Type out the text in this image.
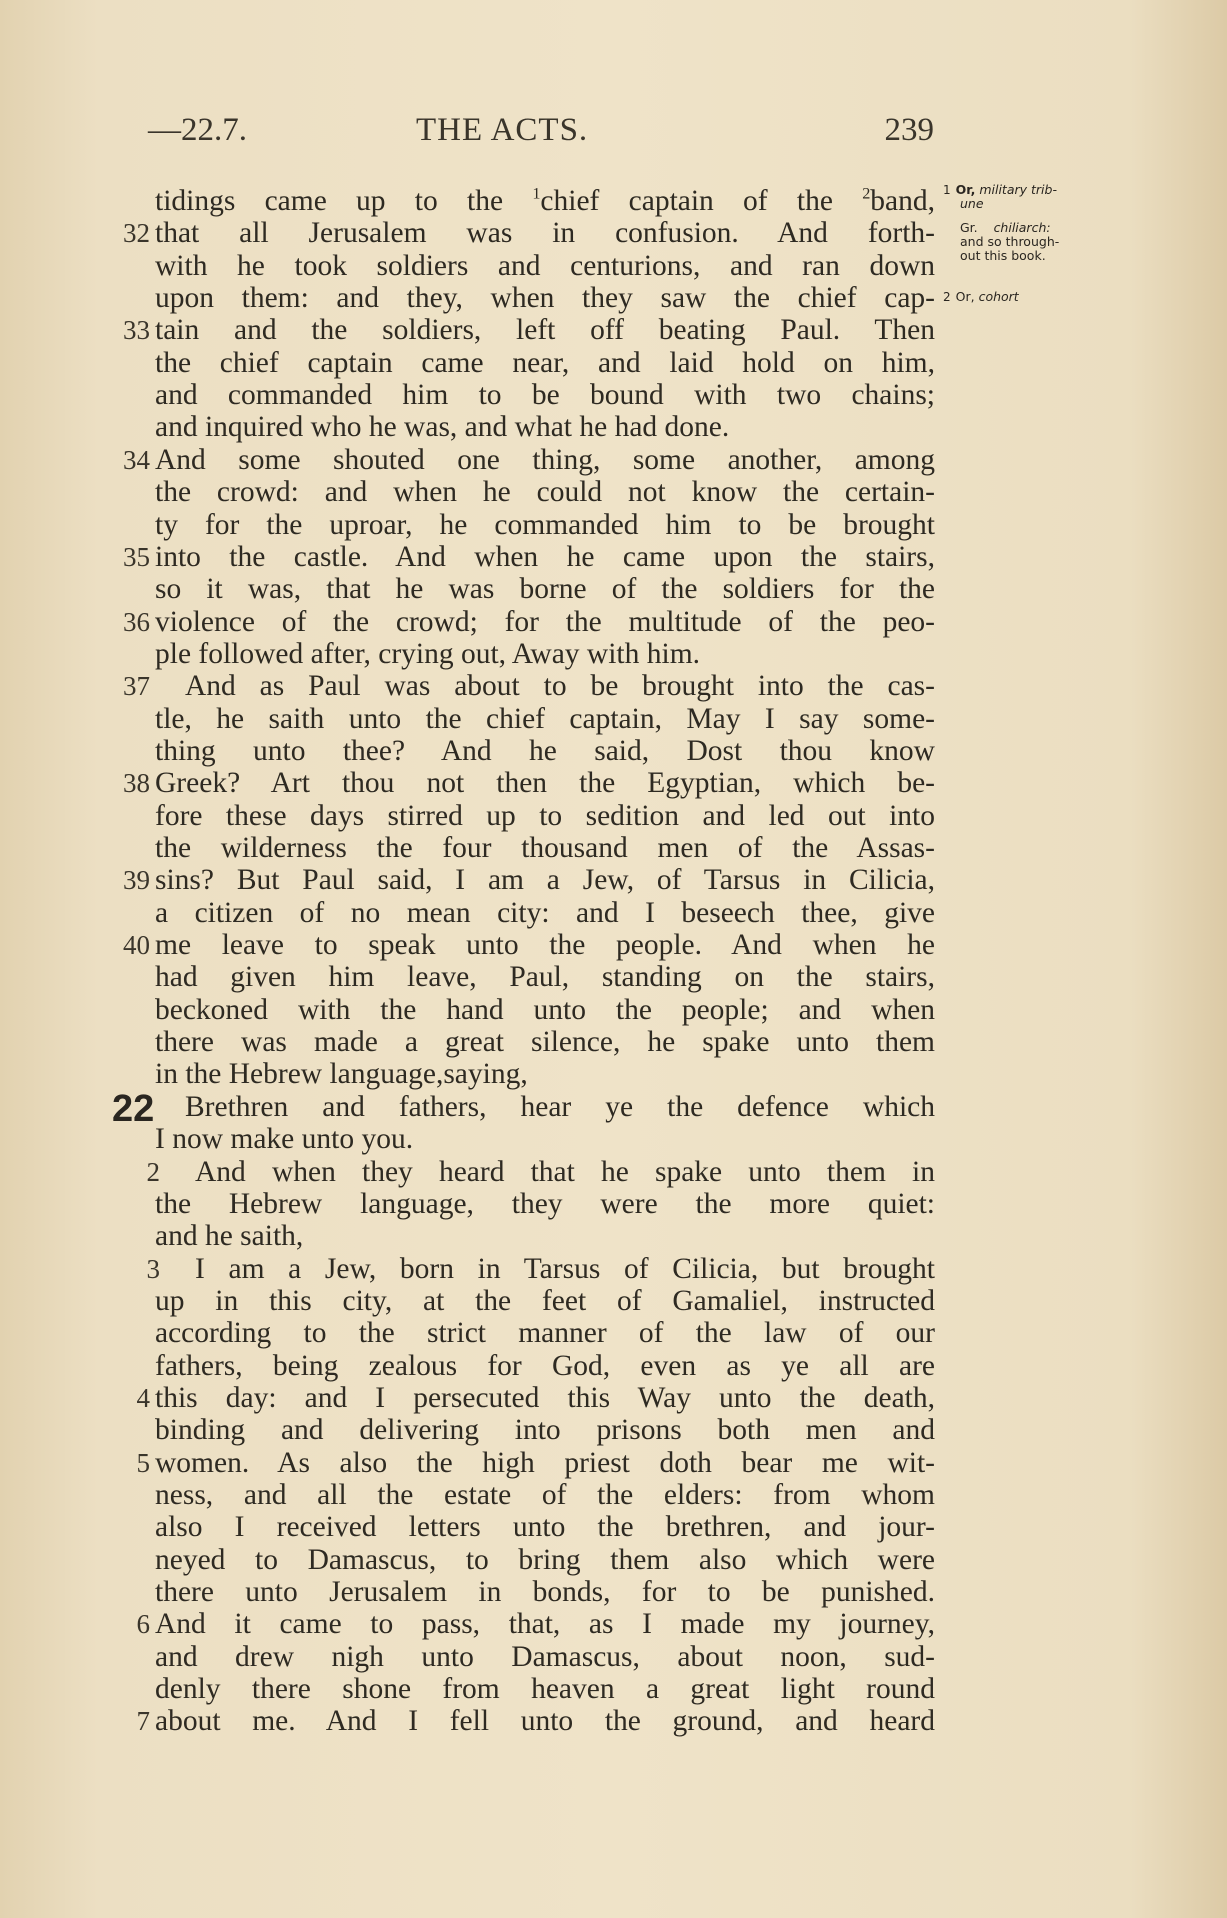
—22.7.	THE ACTS.	239
1 Or, military trib-
une
Gr. chiliarch:
and so through-
out this book.
2 Or, cohort
22
tidings came up to the $^1$chief captain of the $^2$band,
that all Jerusalem was in confusion. And forth-
32
with he took soldiers and centurions, and ran down
upon them: and they, when they saw the chief cap-
tain and the soldiers, left off beating Paul. Then
33
the chief captain came near, and laid hold on him,
and commanded him to be bound with two chains;
and inquired who he was, and what he had done.
And some shouted one thing, some another, among
34
the crowd: and when he could not know the certain-
ty for the uproar, he commanded him to be brought
into the castle. And when he came upon the stairs,
35
so it was, that he was borne of the soldiers for the
violence of the crowd; for the multitude of the peo-
36
ple followed after, crying out, Away with him.
And as Paul was about to be brought into the cas-
37
tle, he saith unto the chief captain, May I say some-
thing unto thee? And he said, Dost thou know
Greek? Art thou not then the Egyptian, which be-
38
fore these days stirred up to sedition and led out into
the wilderness the four thousand men of the Assas-
sins? But Paul said, I am a Jew, of Tarsus in Cilicia,
39
a citizen of no mean city: and I beseech thee, give
me leave to speak unto the people. And when he
40
had given him leave, Paul, standing on the stairs,
beckoned with the hand unto the people; and when
there was made a great silence, he spake unto them
in the Hebrew language,saying,
Brethren and fathers, hear ye the defence which
I now make unto you.
And when they heard that he spake unto them in
2
the Hebrew language, they were the more quiet:
and he saith,
I am a Jew, born in Tarsus of Cilicia, but brought
3
up in this city, at the feet of Gamaliel, instructed
according to the strict manner of the law of our
fathers, being zealous for God, even as ye all are
this day: and I persecuted this Way unto the death,
4
binding and delivering into prisons both men and
women. As also the high priest doth bear me wit-
5
ness, and all the estate of the elders: from whom
also I received letters unto the brethren, and jour-
neyed to Damascus, to bring them also which were
there unto Jerusalem in bonds, for to be punished.
And it came to pass, that, as I made my journey,
6
and drew nigh unto Damascus, about noon, sud-
denly there shone from heaven a great light round
about me. And I fell unto the ground, and heard
7
